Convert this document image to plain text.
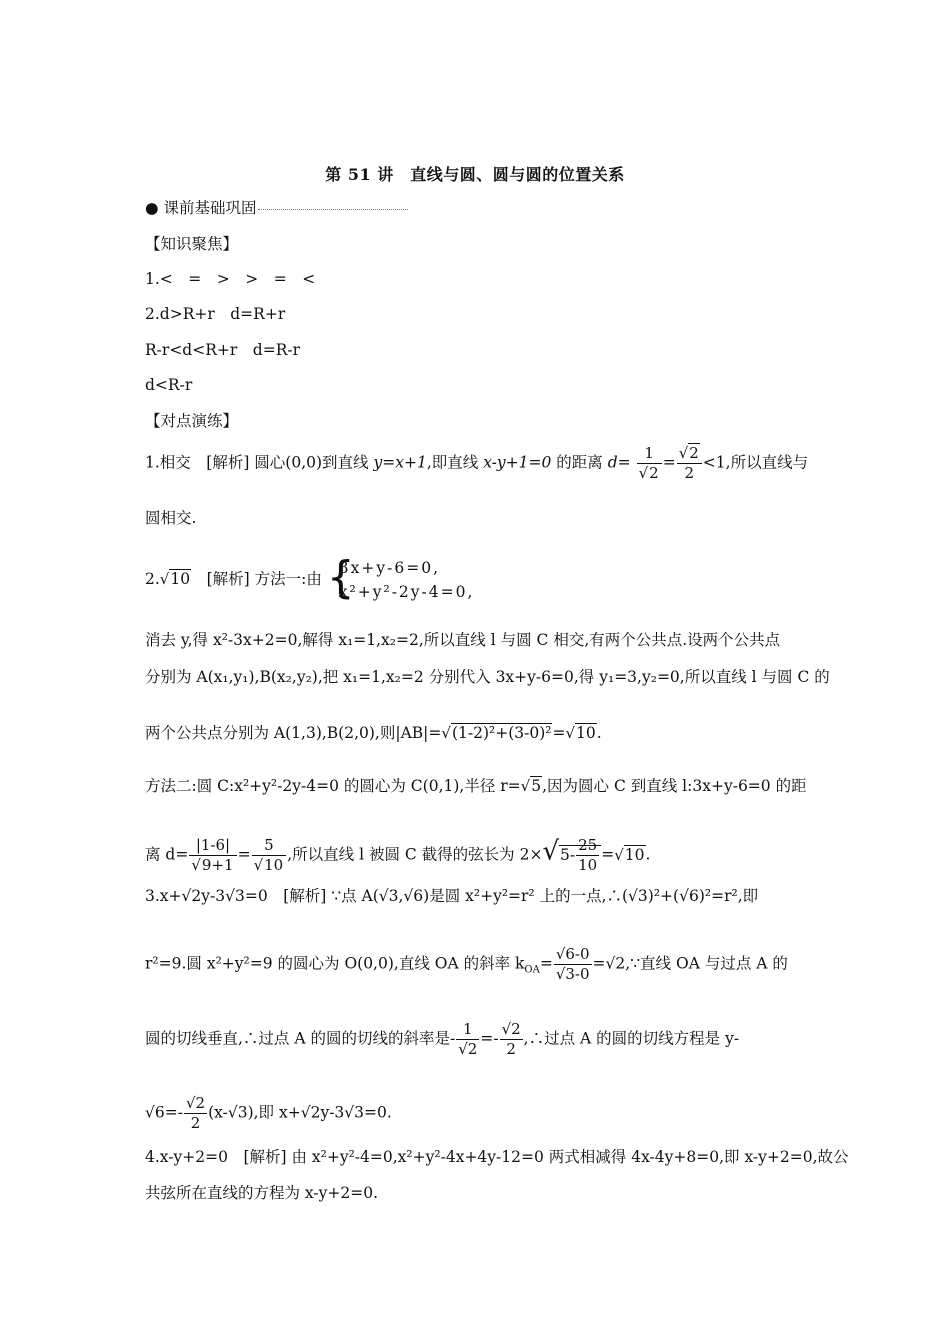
第 51 讲　直线与圆、圆与圆的位置关系
● 课前基础巩固
【知识聚焦】
1.<　=　>　>　=　<
2.d>R+r　d=R+r
R-r<d<R+r　d=R-r
d<R-r
【对点演练】
1.相交　[解析] 圆心(0,0)到直线 y=x+1,即直线 x-y+1=0 的距离 $d= \frac{1}{√2} = \frac{√2}{2} <1$,所以直线与
圆相交.
2.√10　[解析] 方法一:由 {
3x+y-6=0,
x²+y²-2y-4=0,
消去 y,得 x²-3x+2=0,解得 x₁=1,x₂=2,所以直线 l 与圆 C 相交,有两个公共点.设两个公共点
分别为 A(x₁,y₁),B(x₂,y₂),把 x₁=1,x₂=2 分别代入 3x+y-6=0,得 y₁=3,y₂=0,所以直线 l 与圆 C 的
两个公共点分别为 A(1,3),B(2,0),则|AB|=√(1-2)²+(3-0)²=√10.
方法二:圆 C:x²+y²-2y-4=0 的圆心为 C(0,1),半径 r=√5,因为圆心 C 到直线 l:3x+y-6=0 的距
离 $d= \frac{|1-6|}{√9+1} = \frac{5}{√10}$ ,所以直线 l 被圆 C 截得的弦长为 $2\times√5- \frac{25}{10} =√10$.
3.x+√2y-3√3=0　[解析] ∵点 A(√3,√6)是圆 x²+y²=r² 上的一点,∴(√3)²+(√6)²=r²,即
r²=9.圆 x²+y²=9 的圆心为 O(0,0),直线 OA 的斜率 $k_{OA}= \frac{√6-0}{√3-0}$ =√2,∵直线 OA 与过点 A 的
圆的切线垂直,∴过点 A 的圆的切线的斜率是- $\frac{1}{√2} =- \frac{√2}{2}$ ,∴过点 A 的圆的切线方程是 y-
$√6=- \frac{√2}{2} (x-√3)$,即 x+√2y-3√3=0.
4.x-y+2=0　[解析] 由 x²+y²-4=0,x²+y²-4x+4y-12=0 两式相减得 4x-4y+8=0,即 x-y+2=0,故公
共弦所在直线的方程为 x-y+2=0.
